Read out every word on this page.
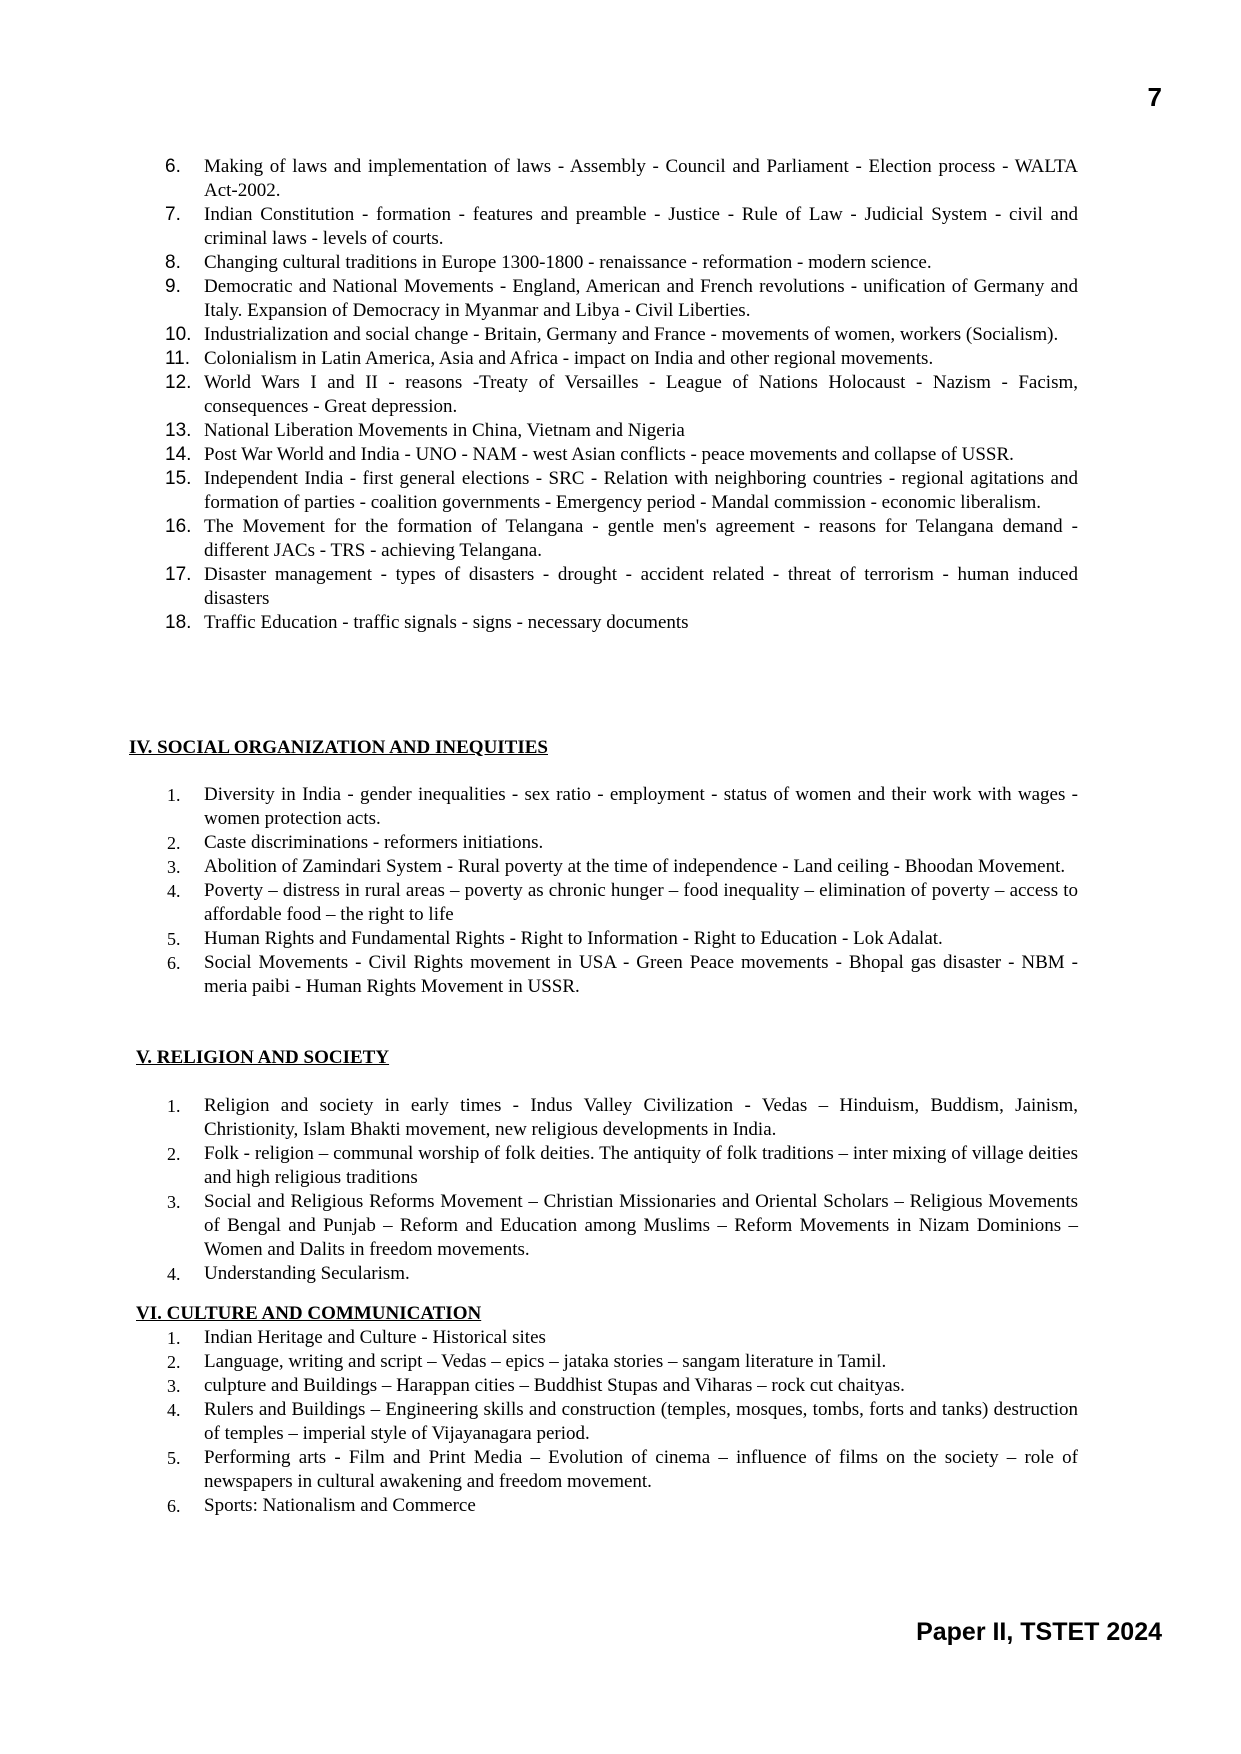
7
6. Making of laws and implementation of laws - Assembly - Council and Parliament - Election process - WALTA Act-2002.
7. Indian Constitution - formation - features and preamble - Justice - Rule of Law - Judicial System - civil and criminal laws - levels of courts.
8. Changing cultural traditions in Europe 1300-1800 - renaissance - reformation - modern science.
9. Democratic and National Movements - England, American and French revolutions - unification of Germany and Italy. Expansion of Democracy in Myanmar and Libya - Civil Liberties.
10. Industrialization and social change - Britain, Germany and France - movements of women, workers (Socialism).
11. Colonialism in Latin America, Asia and Africa - impact on India and other regional movements.
12. World Wars I and II - reasons -Treaty of Versailles - League of Nations Holocaust - Nazism - Facism, consequences - Great depression.
13. National Liberation Movements in China, Vietnam and Nigeria
14. Post War World and India - UNO - NAM - west Asian conflicts - peace movements and collapse of USSR.
15. Independent India - first general elections - SRC - Relation with neighboring countries - regional agitations and formation of parties - coalition governments - Emergency period - Mandal commission - economic liberalism.
16. The Movement for the formation of Telangana - gentle men's agreement - reasons for Telangana demand - different JACs - TRS - achieving Telangana.
17. Disaster management - types of disasters - drought - accident related - threat of terrorism - human induced disasters
18. Traffic Education - traffic signals - signs - necessary documents
IV. SOCIAL ORGANIZATION AND INEQUITIES
1. Diversity in India - gender inequalities - sex ratio - employment - status of women and their work with wages - women protection acts.
2. Caste discriminations - reformers initiations.
3. Abolition of Zamindari System - Rural poverty at the time of independence - Land ceiling - Bhoodan Movement.
4. Poverty – distress in rural areas – poverty as chronic hunger – food inequality – elimination of poverty – access to affordable food – the right to life
5. Human Rights and Fundamental Rights - Right to Information - Right to Education - Lok Adalat.
6. Social Movements - Civil Rights movement in USA - Green Peace movements - Bhopal gas disaster - NBM - meria paibi - Human Rights Movement in USSR.
V. RELIGION AND SOCIETY
1. Religion and society in early times - Indus Valley Civilization - Vedas – Hinduism, Buddism, Jainism, Christionity, Islam Bhakti movement, new religious developments in India.
2. Folk - religion – communal worship of folk deities. The antiquity of folk traditions – inter mixing of village deities and high religious traditions
3. Social and Religious Reforms Movement – Christian Missionaries and Oriental Scholars – Religious Movements of Bengal and Punjab – Reform and Education among Muslims – Reform Movements in Nizam Dominions – Women and Dalits in freedom movements.
4. Understanding Secularism.
VI. CULTURE AND COMMUNICATION
1. Indian Heritage and Culture - Historical sites
2. Language, writing and script – Vedas – epics – jataka stories – sangam literature in Tamil.
3. culpture and Buildings – Harappan cities – Buddhist Stupas and Viharas – rock cut chaityas.
4. Rulers and Buildings – Engineering skills and construction (temples, mosques, tombs, forts and tanks) destruction of temples – imperial style of Vijayanagara period.
5. Performing arts - Film and Print Media – Evolution of cinema – influence of films on the society – role of newspapers in cultural awakening and freedom movement.
6. Sports: Nationalism and Commerce
Paper II, TSTET 2024
